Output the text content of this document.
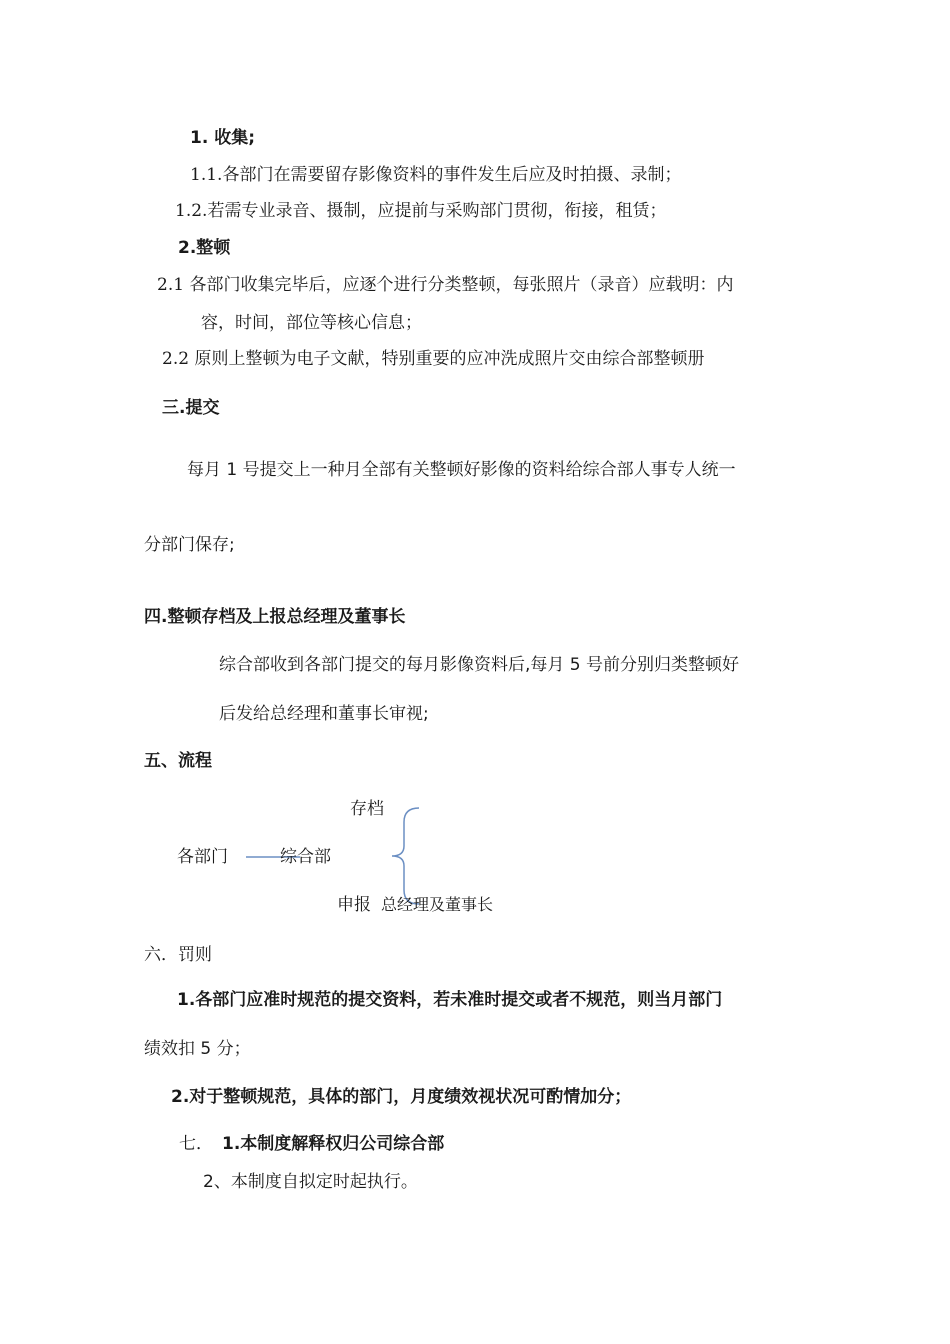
1. 收集;
1.1.各部门在需要留存影像资料的事件发生后应及时拍摄、录制；
1.2.若需专业录音、摄制，应提前与采购部门贯彻，衔接，租赁；
2.整顿
2.1 各部门收集完毕后，应逐个进行分类整顿，每张照片（录音）应载明：内
容，时间，部位等核心信息；
2.2 原则上整顿为电子文献，特别重要的应冲洗成照片交由综合部整顿册
三.提交
每月 1 号提交上一种月全部有关整顿好影像的资料给综合部人事专人统一
分部门保存;
四.整顿存档及上报总经理及董事长
综合部收到各部门提交的每月影像资料后,每月 5 号前分别归类整顿好
后发给总经理和董事长审视;
五、流程
存档
各部门	综合部
申报 总经理及董事长
六．罚则
1.各部门应准时规范的提交资料，若未准时提交或者不规范，则当月部门
绩效扣 5 分；
2.对于整顿规范，具体的部门，月度绩效视状况可酌情加分；
七． 1.本制度解释权归公司综合部
2、本制度自拟定时起执行。
